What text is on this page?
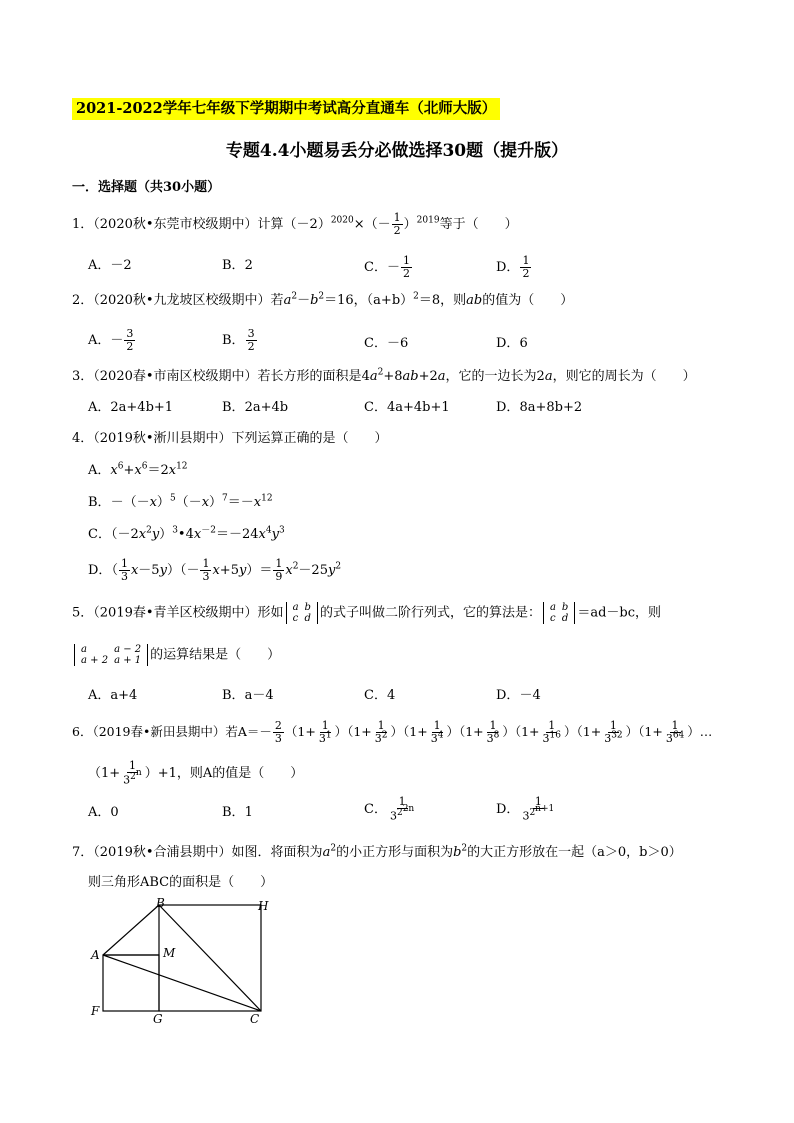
2021-2022学年七年级下学期期中考试高分直通车（北师大版）
专题4.4小题易丢分必做选择30题（提升版）
一．选择题（共30小题）
1．（2020秋•东莞市校级期中）计算$(-2)^{2020}\times(- \frac{1}{2} )^{2019}$等于（　　）
A．－2	B．2	C．－ $\frac{1}{2}$	D． $\frac{1}{2}$
2．（2020秋•九龙坡区校级期中）若$a^2-b^2=16$，$(a+b)^2=8$，则ab的值为（　　）
A．－ $\frac{3}{2}$	B． $\frac{3}{2}$	C．－6	D．6
3．（2020春•市南区校级期中）若长方形的面积是$4a^2+8ab+2a$，它的一边长为2a，则它的周长为（　　）
A．2a+4b+1	B．2a+4b	C．4a+4b+1	D．8a+8b+2
4．（2019秋•淅川县期中）下列运算正确的是（　　）
A．$x^6+x^6=2x^{12}$
B．$-(-x)^5(-x)^7=-x^{12}$
C．$(-2x^2y)^3•4x^{-2}=-24x^4y^3$
D．（ $\frac{1}{3} x-5y)(- \frac{1}{3} x+5y)= \frac{1}{9} x^2-25y^2$
5．（2019春•青羊区校级期中）形如 a	b
c	d 的式子叫做二阶行列式，它的算法是： a	b
c	d ＝ad－bc，则
a	a − 2
a + 2	a + 1 的运算结果是（　　）
A．a+4	B．a－4	C．4	D．－4
6．（2019春•新田县期中）若$A=- \frac{2}{3} (1+ \frac{1}{3^1} )(1+ \frac{1}{3^2} )(1+ \frac{1}{3^4} )(1+ \frac{1}{3^8} )(1+ \frac{1}{3^{16}} )(1+ \frac{1}{3^{32}} )(1+ \frac{1}{3^{64}}$ ）…
$(1+ \frac{1}{3^{2^n}} )+1$，则A的值是（　　）
A．0	B．1	C． $\frac{1}{3^{2^{2n}}}$	D． $\frac{1}{3^{2^{n+1}}}$
7．（2019秋•合浦县期中）如图．将面积为$a^2$的小正方形与面积为$b^2$的大正方形放在一起（a＞0，b＞0）
则三角形ABC的面积是（　　）
B	H
A	M
F
G	C
